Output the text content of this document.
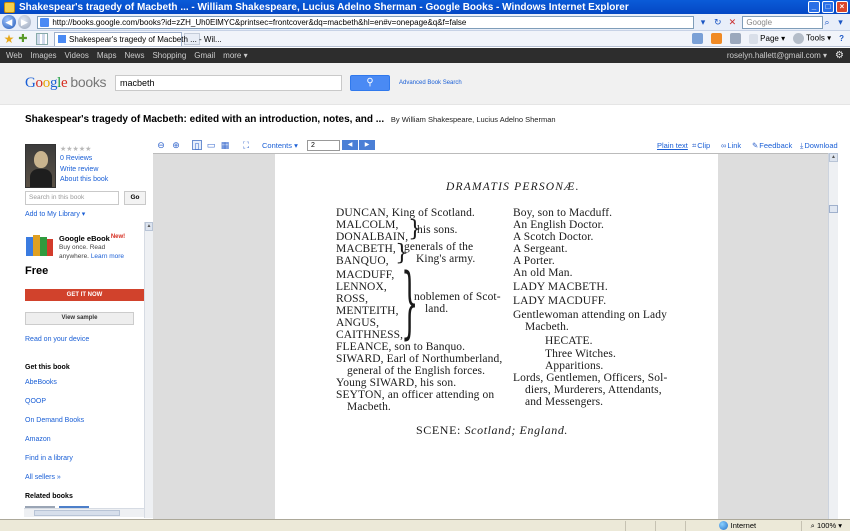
Shakespear's tragedy of Macbeth ... - William Shakespeare, Lucius Adelno Sherman - Google Books - Windows Internet Explorer	_	□	×
◀ ▶	http://books.google.com/books?id=zZH_Uh0ElMYC&printsec=frontcover&dq=macbeth&hl=en#v=onepage&q&f=false	▾ ↻ ✕	Google	⌕ ▾
★ ✚	Shakespear's tragedy of Macbeth ... - Wil...	Page ▾	Tools ▾ ?
Web Images Videos Maps News Shopping Gmail more ▾	roselyn.hallett@gmail.com ▾ ⚙
Google books	macbeth	⚲	Advanced Book Search
Shakespear's tragedy of Macbeth: edited with an introduction, notes, and ... By William Shakespeare, Lucius Adelno Sherman
★★★★★
0 Reviews
Write review
About this book
Search in this book	Go
Add to My Library ▾
Google eBook$^{New!}$
Buy once. Read
anywhere. Learn more
Free
GET IT NOW
View sample
Read on your device
Get this book
AbeBooks
QOOP
On Demand Books
Amazon
Find in a library
All sellers »
Related books
▲
⊖ ⊕ ▯ ▭ ▦ ⛶ Contents ▾	2	◀	▶	Plain text ⌗Clip ∞Link ✎Feedback ⤓Download
DRAMATIS PERSONÆ.
DUNCAN, King of Scotland.
MALCOLM,
DONALBAIN, }
his sons.
MACBETH,
BANQUO, }
generals of the
King's army.
MACDUFF,
LENNOX,
ROSS,
MENTEITH,
ANGUS,
CAITHNESS,
}
noblemen of Scot-
land.
FLEANCE, son to Banquo.
SIWARD, Earl of Northumberland,
general of the English forces.
Young SIWARD, his son.
SEYTON, an officer attending on
Macbeth.
Boy, son to Macduff.
An English Doctor.
A Scotch Doctor.
A Sergeant.
A Porter.
An old Man.
LADY MACBETH.
LADY MACDUFF.
Gentlewoman attending on Lady
Macbeth.
HECATE.
Three Witches.
Apparitions.
Lords, Gentlemen, Officers, Sol-
diers, Murderers, Attendants,
and Messengers.
SCENE: Scotland; England.
▲
Internet	⌕ 100% ▾
